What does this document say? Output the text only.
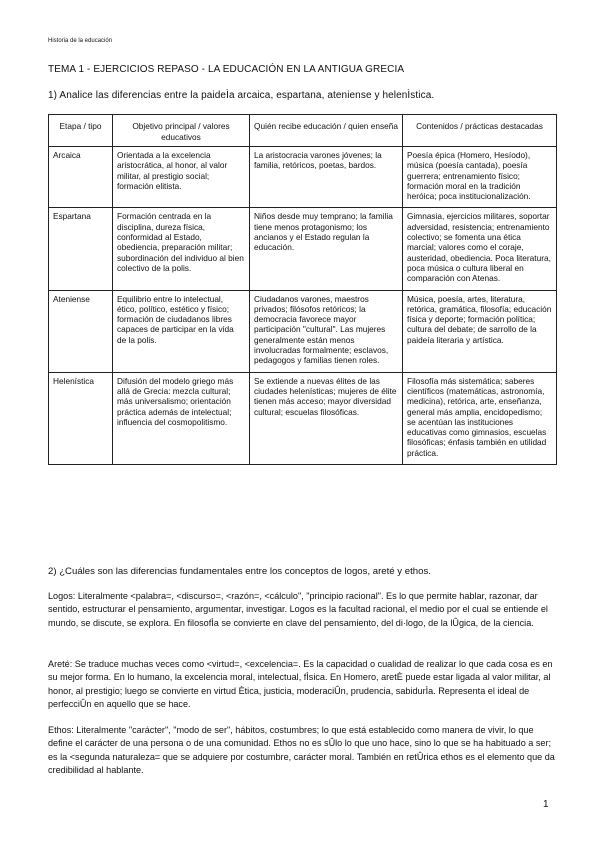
Historia de la educación
TEMA 1 - EJERCICIOS REPASO - LA EDUCACIÓN EN LA ANTIGUA GRECIA
1) Analice las diferencias entre la paideÌa arcaica, espartana, ateniense y helenÌstica.
Etapa / tipo	Objetivo principal / valores educativos	Quién recibe educación / quien enseña	Contenidos / prácticas destacadas
Arcaica	Orientada a la excelencia aristocrática, al honor, al valor militar, al prestigio social; formación elitista.	La aristocracia varones jóvenes; la familia, retóricos, poetas, bardos.	Poesía épica (Homero, Hesíodo), música (poesía cantada), poesía guerrera; entrenamiento físico; formación moral en la tradición heróica; poca institucionalización.
Espartana	Formación centrada en la disciplina, dureza física, conformidad al Estado, obediencia, preparación militar; subordinación del individuo al bien colectivo de la polis.	Niños desde muy temprano; la familia tiene menos protagonismo; los ancianos y el Estado regulan la educación.	Gimnasia, ejercicios militares, soportar adversidad, resistencia; entrenamiento colectivo; se fomenta una ética marcial; valores como el coraje, austeridad, obediencia. Poca literatura, poca música o cultura liberal en comparación con Atenas.
Ateniense	Equilibrio entre lo intelectual, ético, político, estético y físico; formación de ciudadanos libres capaces de participar en la vida de la polis.	Ciudadanos varones, maestros privados; filósofos retóricos; la democracia favorece mayor participación "cultural". Las mujeres generalmente están menos involucradas formalmente; esclavos, pedagogos y familias tienen roles.	Música, poesía, artes, literatura, retórica, gramática, filosofía; educación física y deporte; formación política; cultura del debate; de sarrollo de la paideía literaria y artística.
Helenística	Difusión del modelo griego más allá de Grecia: mezcla cultural; más universalismo; orientación práctica además de intelectual; influencia del cosmopolitismo.	Se extiende a nuevas élites de las ciudades helenísticas; mujeres de élite tienen más acceso; mayor diversidad cultural; escuelas filosóficas.	Filosofía más sistemática; saberes científicos (matemáticas, astronomía, medicina), retórica, arte, enseñanza, general más amplia, encidopedismo; se acentúan las instituciones educativas como gimnasios, escuelas filosóficas; énfasis también en utilidad práctica.
2) ¿Cuáles son las diferencias fundamentales entre los conceptos de logos, areté y ethos.
Logos: Literalmente <palabra=, <discurso=, <razón=, <cálculo", "principio racional". Es lo que permite hablar, razonar, dar sentido, estructurar el pensamiento, argumentar, investigar. Logos es la facultad racional, el medio por el cual se entiende el mundo, se discute, se explora. En filosofÌa se convierte en clave del pensamiento, del di·logo, de la lÛgica, de la ciencia.
Areté: Se traduce muchas veces como <virtud=, <excelencia=. Es la capacidad o cualidad de realizar lo que cada cosa es en su mejor forma. En lo humano, la excelencia moral, intelectual, fÌsica. En Homero, aretÈ puede estar ligada al valor militar, al honor, al prestigio; luego se convierte en virtud Ètica, justicia, moderaciÛn, prudencia, sabidurÌa. Representa el ideal de perfecciÛn en aquello que se hace.
Ethos: Literalmente "carácter", "modo de ser", hábitos, costumbres; lo que está establecido como manera de vivir, lo que define el carácter de una persona o de una comunidad. Ethos no es sÛlo lo que uno hace, sino lo que se ha habituado a ser; es la <segunda naturaleza= que se adquiere por costumbre, carácter moral. También en retÛrica ethos es el elemento que da credibilidad al hablante.
1
